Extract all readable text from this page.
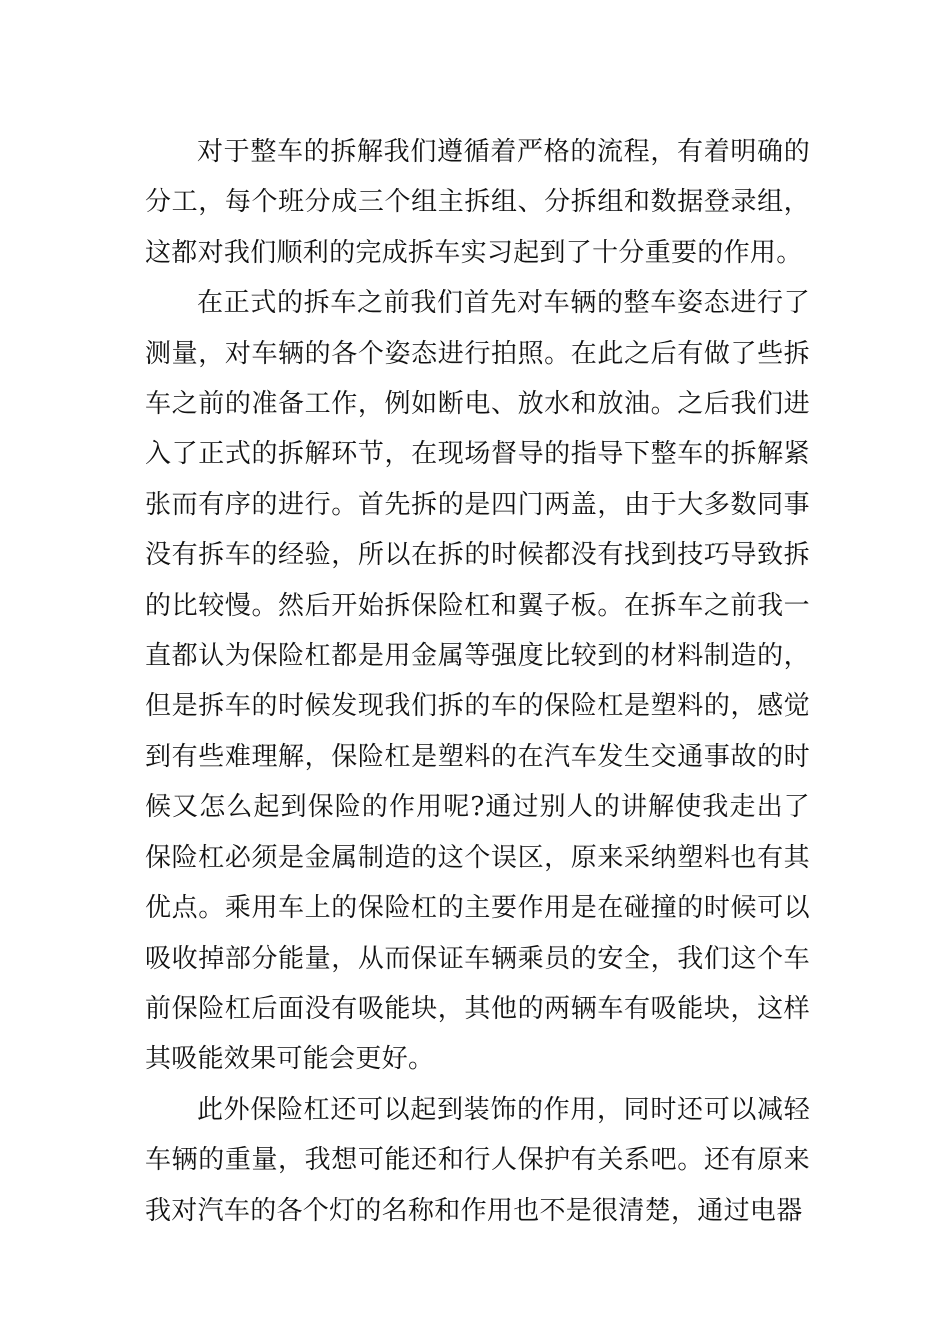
对于整车的拆解我们遵循着严格的流程，有着明确的分工，每个班分成三个组主拆组、分拆组和数据登录组，这都对我们顺利的完成拆车实习起到了十分重要的作用。

在正式的拆车之前我们首先对车辆的整车姿态进行了测量，对车辆的各个姿态进行拍照。在此之后有做了些拆车之前的准备工作，例如断电、放水和放油。之后我们进入了正式的拆解环节，在现场督导的指导下整车的拆解紧张而有序的进行。首先拆的是四门两盖，由于大多数同事没有拆车的经验，所以在拆的时候都没有找到技巧导致拆的比较慢。然后开始拆保险杠和翼子板。在拆车之前我一直都认为保险杠都是用金属等强度比较到的材料制造的，但是拆车的时候发现我们拆的车的保险杠是塑料的，感觉到有些难理解，保险杠是塑料的在汽车发生交通事故的时候又怎么起到保险的作用呢?通过别人的讲解使我走出了保险杠必须是金属制造的这个误区，原来采纳塑料也有其优点。乘用车上的保险杠的主要作用是在碰撞的时候可以吸收掉部分能量，从而保证车辆乘员的安全，我们这个车前保险杠后面没有吸能块，其他的两辆车有吸能块，这样其吸能效果可能会更好。

此外保险杠还可以起到装饰的作用，同时还可以减轻车辆的重量，我想可能还和行人保护有关系吧。还有原来我对汽车的各个灯的名称和作用也不是很清楚，通过电器
